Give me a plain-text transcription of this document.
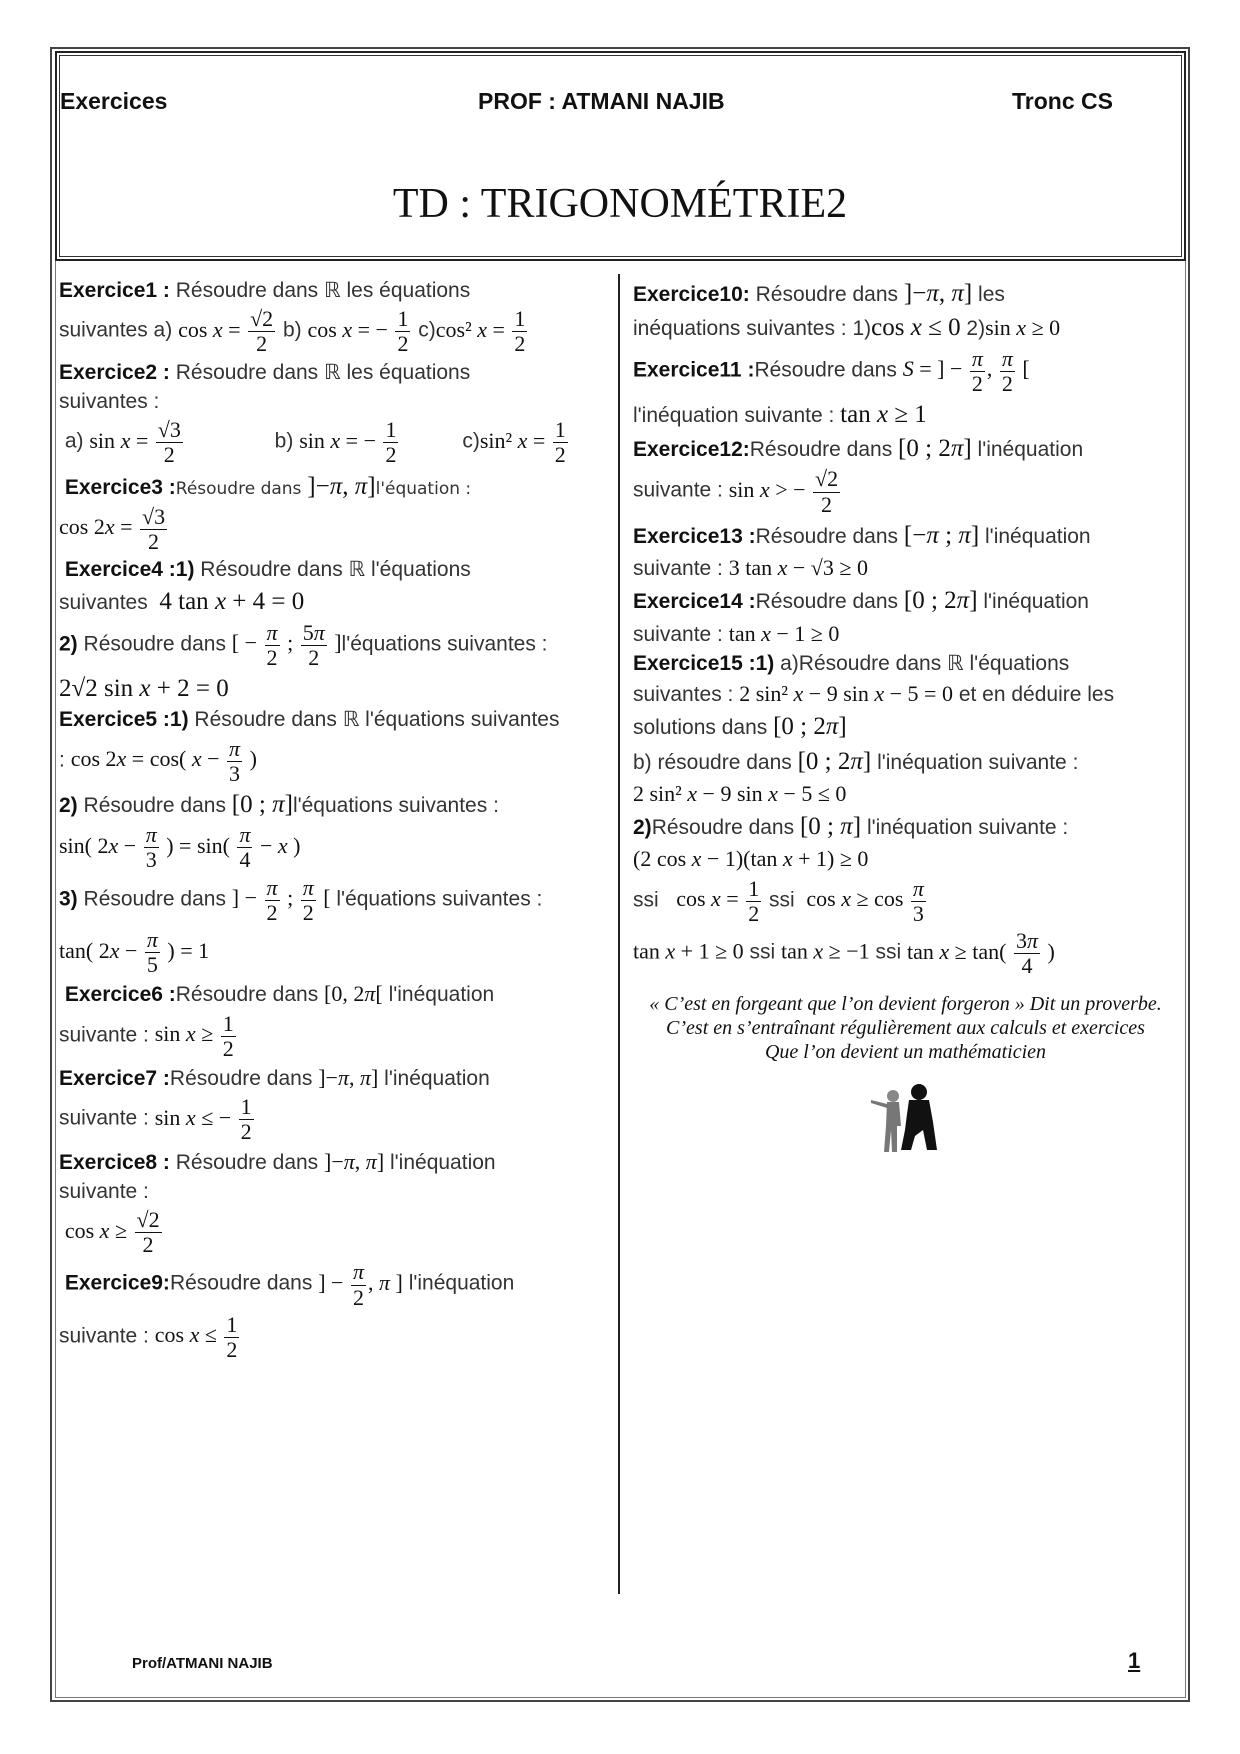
Exercices	PROF : ATMANI NAJIB	Tronc CS
TD : TRIGONOMÉTRIE2
Exercice1 : Résoudre dans ℝ les équations
suivantes a) $\cos x = \frac{√2}{2} b$) cos x = − $\frac{1}{2} c)\cos^2$ $x = \frac{1}{2}$
Exercice2 : Résoudre dans ℝ les équations
suivantes :
a) $\sin x = \frac{√3}{2}$	b) sin x = − $\frac{1}{2}$	c)sin² $x = \frac{1}{2}$
Exercice3 :Résoudre dans ]−π, π]l'équation :
$\cos 2x = \frac{√3}{2}$
Exercice4 :1) Résoudre dans ℝ l'équations
suivantes 4 tan x + 4 = 0
2) Résoudre dans [ − $\frac{\pi}{2}$ ; $\frac{5\pi}{2}$ ]l'équations suivantes :
2√2 sin x + 2 = 0
Exercice5 :1) Résoudre dans ℝ l'équations suivantes
: cos 2x = cos( $x - \frac{\pi}{3}$ )
2) Résoudre dans [0 ; π]l'équations suivantes :
sin( $2x - \frac{\pi}{3}$ ) = $\sin( \frac{\pi}{4} - x$ )
3) Résoudre dans ] − $\frac{\pi}{2}$ ; $\frac{\pi}{2}$ [ l'équations suivantes :
tan( $2x - \frac{\pi}{5}$ ) = 1
Exercice6 :Résoudre dans [0, 2π[ l'inéquation
suivante : $\sin x \ge \frac{1}{2}$
Exercice7 :Résoudre dans ]−π, π] l'inéquation
suivante : sin x ≤ − $\frac{1}{2}$
Exercice8 : Résoudre dans ]−π, π] l'inéquation
suivante :
$\cos x \ge \frac{√2}{2}$
Exercice9:Résoudre dans ] − $\frac{\pi}{2}$ , π ] l'inéquation
suivante : $\cos x \le \frac{1}{2}$
Exercice10: Résoudre dans ]−π, π] les
inéquations suivantes : 1)cos x ≤ 0 2)sin x ≥ 0
Exercice11 :Résoudre dans S = ] − $\frac{\pi}{2}$ , $\frac{\pi}{2}$ [
l'inéquation suivante : tan x ≥ 1
Exercice12:Résoudre dans [0 ; 2π] l'inéquation
suivante : sin x > − $\frac{√2}{2}$
Exercice13 :Résoudre dans [−π ; π] l'inéquation
suivante : 3 tan x − √3 ≥ 0
Exercice14 :Résoudre dans [0 ; 2π] l'inéquation
suivante : tan x − 1 ≥ 0
Exercice15 :1) a)Résoudre dans ℝ l'équations
suivantes : 2 sin² x − 9 sin x − 5 = 0 et en déduire les
solutions dans [0 ; 2π]
b) résoudre dans [0 ; 2π] l'inéquation suivante :
2 sin² x − 9 sin x − 5 ≤ 0
2)Résoudre dans [0 ; π] l'inéquation suivante :
(2 cos x − 1)(tan x + 1) ≥ 0
ssi $\cos x = \frac{1}{2}$ ssi $\cos x \ge \cos \frac{\pi}{3}$
tan x + 1 ≥ 0 ssi tan x ≥ −1 ssi $\tan x \ge \tan( \frac{3\pi}{4}$ )
« C’est en forgeant que l’on devient forgeron » Dit un proverbe.
C’est en s’entraînant régulièrement aux calculs et exercices
Que l’on devient un mathématicien
Prof/ATMANI NAJIB	1
